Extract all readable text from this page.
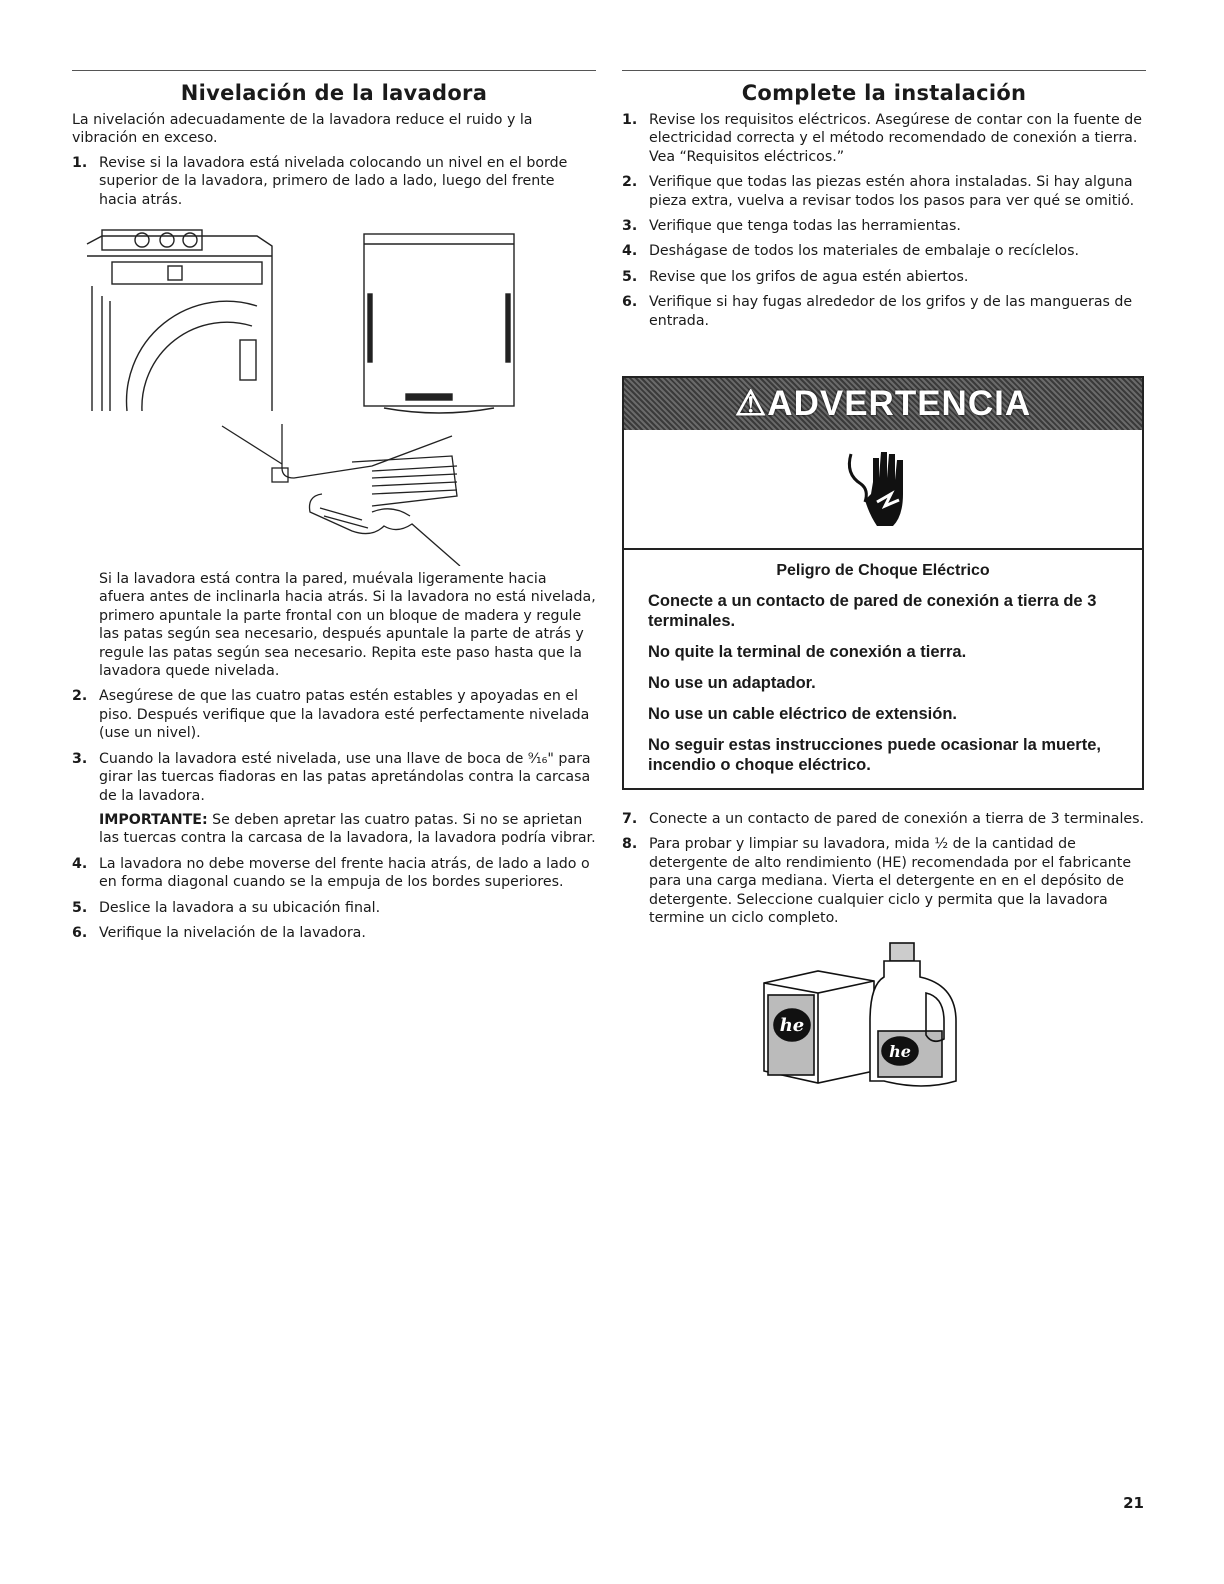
Nivelación de la lavadora

La nivelación adecuadamente de la lavadora reduce el ruido y la vibración en exceso.

1. Revise si la lavadora está nivelada colocando un nivel en el borde superior de la lavadora, primero de lado a lado, luego del frente hacia atrás.

Si la lavadora está contra la pared, muévala ligeramente hacia afuera antes de inclinarla hacia atrás. Si la lavadora no está nivelada, primero apuntale la parte frontal con un bloque de madera y regule las patas según sea necesario, después apuntale la parte de atrás y regule las patas según sea necesario. Repita este paso hasta que la lavadora quede nivelada.

2. Asegúrese de que las cuatro patas estén estables y apoyadas en el piso. Después verifique que la lavadora esté perfectamente nivelada (use un nivel).
3. Cuando la lavadora esté nivelada, use una llave de boca de ⁹⁄₁₆" para girar las tuercas fiadoras en las patas apretándolas contra la carcasa de la lavadora.
IMPORTANTE: Se deben apretar las cuatro patas. Si no se aprietan las tuercas contra la carcasa de la lavadora, la lavadora podría vibrar.
4. La lavadora no debe moverse del frente hacia atrás, de lado a lado o en forma diagonal cuando se la empuja de los bordes superiores.
5. Deslice la lavadora a su ubicación final.
6. Verifique la nivelación de la lavadora.
Complete la instalación
1. Revise los requisitos eléctricos. Asegúrese de contar con la fuente de electricidad correcta y el método recomendado de conexión a tierra. Vea “Requisitos eléctricos.”
2. Verifique que todas las piezas estén ahora instaladas. Si hay alguna pieza extra, vuelva a revisar todos los pasos para ver qué se omitió.
3. Verifique que tenga todas las herramientas.
4. Deshágase de todos los materiales de embalaje o recíclelos.
5. Revise que los grifos de agua estén abiertos.
6. Verifique si hay fugas alrededor de los grifos y de las mangueras de entrada.
⚠ADVERTENCIA
Peligro de Choque Eléctrico
Conecte a un contacto de pared de conexión a tierra de 3 terminales.
No quite la terminal de conexión a tierra.
No use un adaptador.
No use un cable eléctrico de extensión.
No seguir estas instrucciones puede ocasionar la muerte, incendio o choque eléctrico.
7. Conecte a un contacto de pared de conexión a tierra de 3 terminales.
8. Para probar y limpiar su lavadora, mida ½ de la cantidad de detergente de alto rendimiento (HE) recomendada por el fabricante para una carga mediana. Vierta el detergente en en el depósito de detergente. Seleccione cualquier ciclo y permita que la lavadora termine un ciclo completo.
he
he
21
